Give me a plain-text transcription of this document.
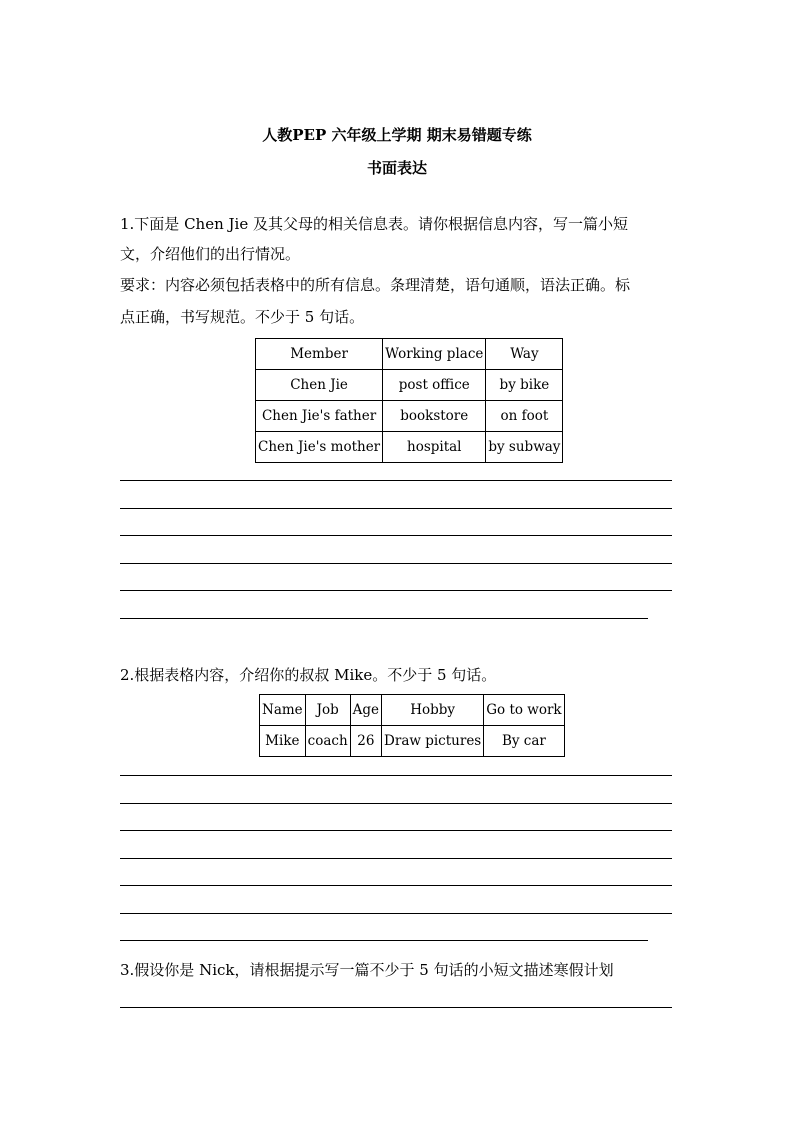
人教PEP 六年级上学期 期末易错题专练
书面表达
1.下面是 Chen Jie 及其父母的相关信息表。请你根据信息内容，写一篇小短
文，介绍他们的出行情况。
要求：内容必须包括表格中的所有信息。条理清楚，语句通顺，语法正确。标
点正确，书写规范。不少于 5 句话。
Member	Working place	Way
Chen Jie	post office	by bike
Chen Jie's father	bookstore	on foot
Chen Jie's mother	hospital	by subway
2.根据表格内容，介绍你的叔叔 Mike。不少于 5 句话。
Name	Job	Age	Hobby	Go to work
Mike	coach	26	Draw pictures	By car
3.假设你是 Nick，请根据提示写一篇不少于 5 句话的小短文描述寒假计划
